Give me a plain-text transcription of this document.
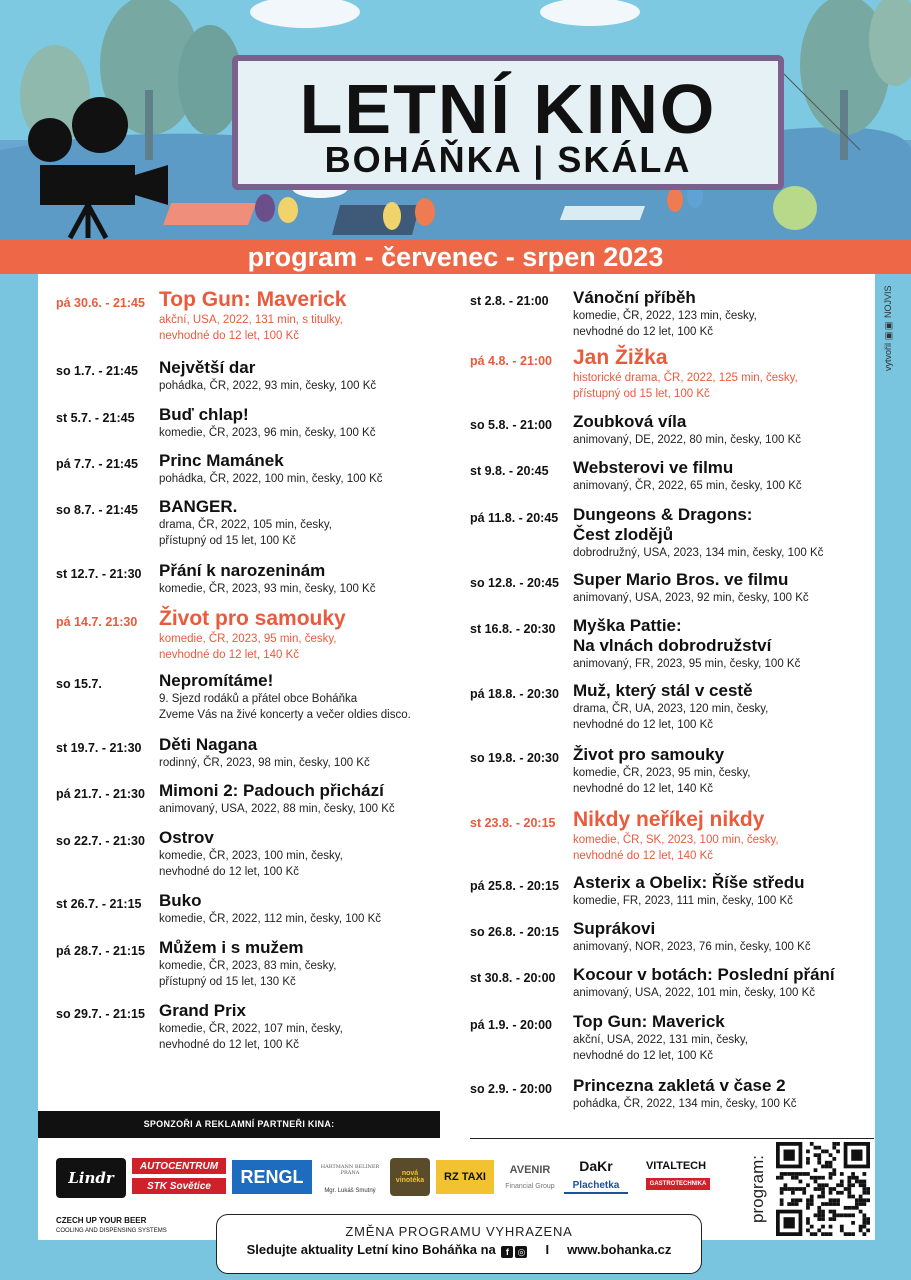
LETNÍ KINO
BOHÁŇKA | SKÁLA
program - červenec - srpen 2023
vytvořil ▣▣ NOJVIS
pá 30.6. - 21:45 Top Gun: Maverick
akční, USA, 2022, 131 min, s titulky,
nevhodné do 12 let, 100 Kč
so 1.7. - 21:45 Největší dar
pohádka, ČR, 2022, 93 min, česky, 100 Kč
st 5.7. - 21:45 Buď chlap!
komedie, ČR, 2023, 96 min, česky, 100 Kč
pá 7.7. - 21:45 Princ Mamánek
pohádka, ČR, 2022, 100 min, česky, 100 Kč
so 8.7. - 21:45 BANGER.
drama, ČR, 2022, 105 min, česky,
přístupný od 15 let, 100 Kč
st 12.7. - 21:30 Přání k narozeninám
komedie, ČR, 2023, 93 min, česky, 100 Kč
pá 14.7. 21:30 Život pro samouky
komedie, ČR, 2023, 95 min, česky,
nevhodné do 12 let, 140 Kč
so 15.7.	Nepromítáme!
9. Sjezd rodáků a přátel obce Boháňka
Zveme Vás na živé koncerty a večer oldies disco.
st 19.7. - 21:30 Děti Nagana
rodinný, ČR, 2023, 98 min, česky, 100 Kč
pá 21.7. - 21:30 Mimoni 2: Padouch přichází
animovaný, USA, 2022, 88 min, česky, 100 Kč
so 22.7. - 21:30 Ostrov
komedie, ČR, 2023, 100 min, česky,
nevhodné do 12 let, 100 Kč
st 26.7. - 21:15 Buko
komedie, ČR, 2022, 112 min, česky, 100 Kč
pá 28.7. - 21:15 Můžem i s mužem
komedie, ČR, 2023, 83 min, česky,
přístupný od 15 let, 130 Kč
so 29.7. - 21:15 Grand Prix
komedie, ČR, 2022, 107 min, česky,
nevhodné do 12 let, 100 Kč
st 2.8. - 21:00 Vánoční příběh
komedie, ČR, 2022, 123 min, česky,
nevhodné do 12 let, 100 Kč
pá 4.8. - 21:00 Jan Žižka
historické drama, ČR, 2022, 125 min, česky,
přístupný od 15 let, 100 Kč
so 5.8. - 21:00 Zoubková víla
animovaný, DE, 2022, 80 min, česky, 100 Kč
st 9.8. - 20:45 Websterovi ve filmu
animovaný, ČR, 2022, 65 min, česky, 100 Kč
pá 11.8. - 20:45 Dungeons & Dragons:
Čest zlodějů
dobrodružný, USA, 2023, 134 min, česky, 100 Kč
so 12.8. - 20:45 Super Mario Bros. ve filmu
animovaný, USA, 2023, 92 min, česky, 100 Kč
st 16.8. - 20:30 Myška Pattie:
Na vlnách dobrodružství
animovaný, FR, 2023, 95 min, česky, 100 Kč
pá 18.8. - 20:30 Muž, který stál v cestě
drama, ČR, UA, 2023, 120 min, česky,
nevhodné do 12 let, 100 Kč
so 19.8. - 20:30 Život pro samouky
komedie, ČR, 2023, 95 min, česky,
nevhodné do 12 let, 140 Kč
st 23.8. - 20:15 Nikdy neříkej nikdy
komedie, ČR, SK, 2023, 100 min, česky,
nevhodné do 12 let, 140 Kč
pá 25.8. - 20:15 Asterix a Obelix: Říše středu
komedie, FR, 2023, 111 min, česky, 100 Kč
so 26.8. - 20:15 Suprákovi
animovaný, NOR, 2023, 76 min, česky, 100 Kč
st 30.8. - 20:00 Kocour v botách: Poslední přání
animovaný, USA, 2022, 101 min, česky, 100 Kč
pá 1.9. - 20:00 Top Gun: Maverick
akční, USA, 2022, 131 min, česky,
nevhodné do 12 let, 100 Kč
so 2.9. - 20:00 Princezna zakletá v čase 2
pohádka, ČR, 2022, 134 min, česky, 100 Kč
SPONZOŘI A REKLAMNÍ PARTNEŘI KINA:
Lindr
AUTOCENTRUM
STK Sovětice	RENGL	HARTMANN BELINER PRÁNA
Mgr. Lukáš Smutný
nová vinotéka	RZ TAXI
AVENIR
Financial Group
DaKr
Plachetka
VITALTECH
GASTROTECHNIKA
CZECH UP YOUR BEER
COOLING AND DISPENSING SYSTEMS
program:
ZMĚNA PROGRAMU VYHRAZENA
Sledujte aktuality Letní kino Boháňka na f ◎ I www.bohanka.cz
